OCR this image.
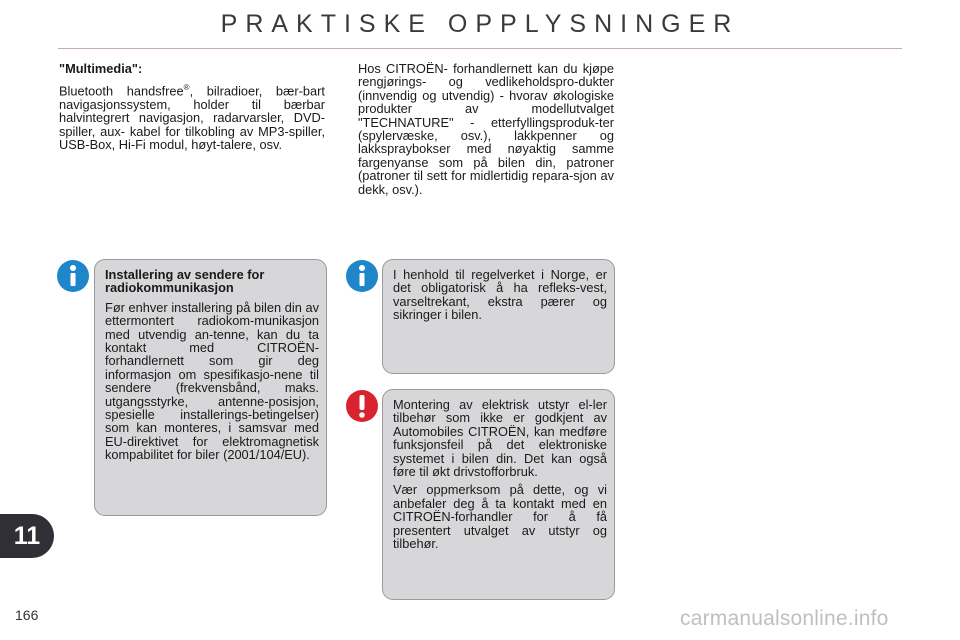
PRAKTISKE OPPLYSNINGER

"Multimedia":

Bluetooth handsfree®, bilradioer, bær-bart navigasjonssystem, holder til bærbar halvintegrert navigasjon, radarvarsler, DVD-spiller, aux- kabel for tilkobling av MP3-spiller, USB-Box, Hi-Fi modul, høyt-talere, osv.

Hos CITROËN- forhandlernett kan du kjøpe rengjørings- og vedlikeholdspro-dukter (innvendig og utvendig) - hvorav økologiske produkter av modellutvalget "TECHNATURE" - etterfyllingsproduk-ter (spylervæske, osv.), lakkpenner og lakkspraybokser med nøyaktig samme fargenyanse som på bilen din, patroner (patroner til sett for midlertidig repara-sjon av dekk, osv.).

Installering av sendere for radiokommunikasjon

Før enhver installering på bilen din av ettermontert radiokom-munikasjon med utvendig an-tenne, kan du ta kontakt med CITROËN-forhandlernett som gir deg informasjon om spesifikasjo-nene til sendere (frekvensbånd, maks. utgangsstyrke, antenne-posisjon, spesielle installerings-betingelser) som kan monteres, i samsvar med EU-direktivet for elektromagnetisk kompabilitet for biler (2001/104/EU).

I henhold til regelverket i Norge, er det obligatorisk å ha refleks-vest, varseltrekant, ekstra pærer og sikringer i bilen.

Montering av elektrisk utstyr el-ler tilbehør som ikke er godkjent av Automobiles CITROËN, kan medføre funksjonsfeil på det elektroniske systemet i bilen din. Det kan også føre til økt drivstofforbruk.

Vær oppmerksom på dette, og vi anbefaler deg å ta kontakt med en CITROËN-forhandler for å få presentert utvalget av utstyr og tilbehør.

11
166	carmanualsonline.info
